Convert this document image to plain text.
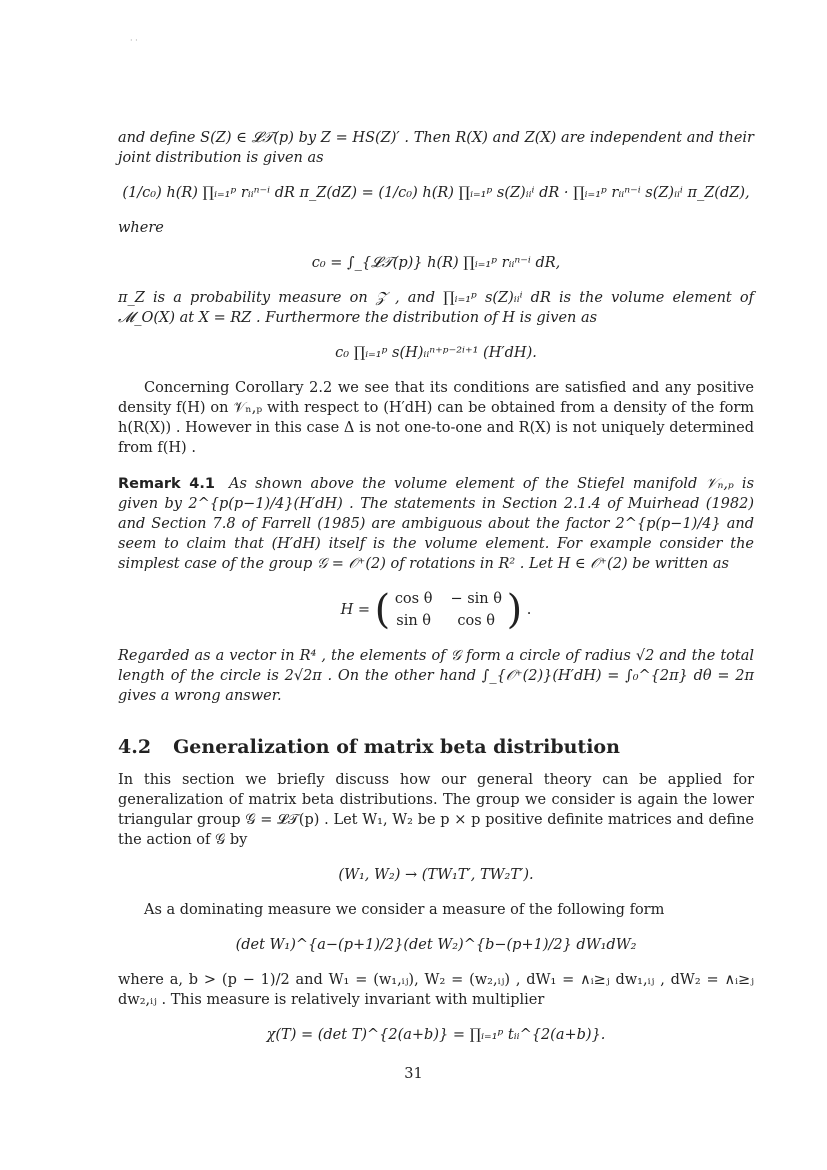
· ·

and define S(Z) ∈ 𝓛𝒯(p) by Z = HS(Z)′ . Then R(X) and Z(X) are independent and their joint distribution is given as

(1/c₀) h(R) ∏ᵢ₌₁ᵖ rᵢᵢⁿ⁻ⁱ dR π_Z(dZ) = (1/c₀) h(R) ∏ᵢ₌₁ᵖ s(Z)ᵢᵢⁱ dR · ∏ᵢ₌₁ᵖ rᵢᵢⁿ⁻ⁱ s(Z)ᵢᵢⁱ π_Z(dZ),

where

c₀ = ∫_{𝓛𝒯(p)} h(R) ∏ᵢ₌₁ᵖ rᵢᵢⁿ⁻ⁱ dR,

π_Z is a probability measure on 𝒵 , and ∏ᵢ₌₁ᵖ s(Z)ᵢᵢⁱ dR is the volume element of 𝓜_O(X) at X = RZ . Furthermore the distribution of H is given as

c₀ ∏ᵢ₌₁ᵖ s(H)ᵢᵢⁿ⁺ᵖ⁻²ⁱ⁺¹ (H′dH).

Concerning Corollary 2.2 we see that its conditions are satisfied and any positive density f(H) on 𝒱ₙ,ₚ with respect to (H′dH) can be obtained from a density of the form h(R(X)) . However in this case Δ is not one-to-one and R(X) is not uniquely determined from f(H) .

Remark 4.1 As shown above the volume element of the Stiefel manifold 𝒱ₙ,ₚ is given by 2^{p(p−1)/4}(H′dH) . The statements in Section 2.1.4 of Muirhead (1982) and Section 7.8 of Farrell (1985) are ambiguous about the factor 2^{p(p−1)/4} and seem to claim that (H′dH) itself is the volume element. For example consider the simplest case of the group 𝒢 = 𝒪⁺(2) of rotations in R² . Let H ∈ 𝒪⁺(2) be written as

H = ( cos θ − sin θ
sin θ	cos θ ) .

Regarded as a vector in R⁴ , the elements of 𝒢 form a circle of radius √2 and the total length of the circle is 2√2π . On the other hand ∫_{𝒪⁺(2)}(H′dH) = ∫₀^{2π} dθ = 2π gives a wrong answer.

4.2 Generalization of matrix beta distribution

In this section we briefly discuss how our general theory can be applied for generalization of matrix beta distributions. The group we consider is again the lower triangular group 𝒢 = 𝓛𝒯(p) . Let W₁, W₂ be p × p positive definite matrices and define the action of 𝒢 by

(W₁, W₂) → (TW₁T′, TW₂T′).

As a dominating measure we consider a measure of the following form

(det W₁)^{a−(p+1)/2}(det W₂)^{b−(p+1)/2} dW₁dW₂

where a, b > (p − 1)/2 and W₁ = (w₁,ᵢⱼ), W₂ = (w₂,ᵢⱼ) , dW₁ = ∧ᵢ≥ⱼ dw₁,ᵢⱼ , dW₂ = ∧ᵢ≥ⱼ dw₂,ᵢⱼ . This measure is relatively invariant with multiplier

χ(T) = (det T)^{2(a+b)} = ∏ᵢ₌₁ᵖ tᵢᵢ^{2(a+b)}.
31
